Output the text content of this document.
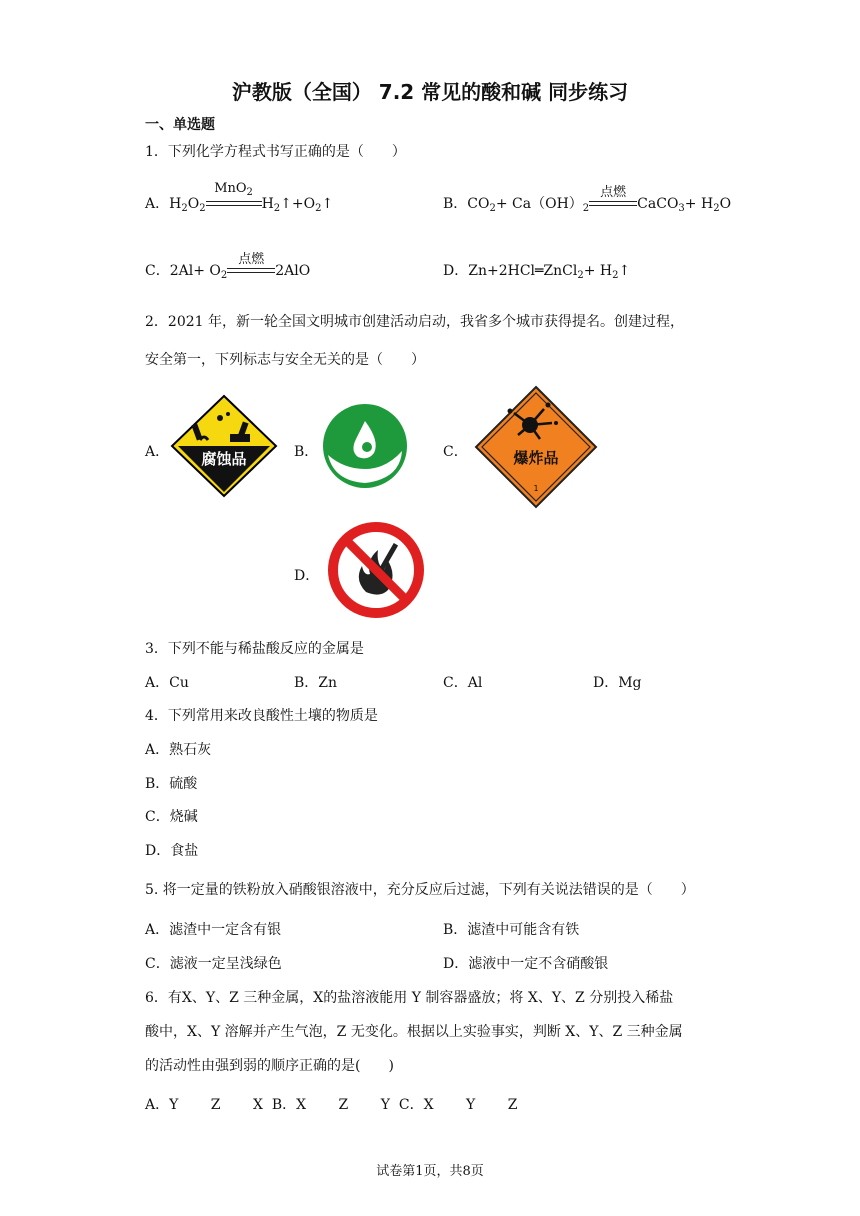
沪教版（全国） 7.2 常见的酸和碱 同步练习
一、单选题
1．下列化学方程式书写正确的是（　　）
A．$H_2O_2$
MnO$_2$
$H_2↑+O_2↑$	B．$CO_2+ Ca(OH)_2$
点燃
CaCO$_3$+ $H_2O$
C．$2Al+ O_2$
点燃
2AlO	D．Zn+2HCl═ZnCl$_2$+ $H_2↑$
2．2021 年，新一轮全国文明城市创建活动启动，我省多个城市获得提名。创建过程，
安全第一，下列标志与安全无关的是（　　）
A． 腐蚀品	B．	C．	爆炸品
1
D．
3．下列不能与稀盐酸反应的金属是
A．Cu	B．Zn	C．Al	D．Mg
4．下列常用来改良酸性土壤的物质是
A．熟石灰
B．硫酸
C．烧碱
D．食盐
5. 将一定量的铁粉放入硝酸银溶液中，充分反应后过滤，下列有关说法错误的是（　　）
A．滤渣中一定含有银	B．滤渣中可能含有铁
C．滤液一定呈浅绿色	D．滤液中一定不含硝酸银
6．有X、Y、Z 三种金属，X的盐溶液能用 Y 制容器盛放；将 X、Y、Z 分别投入稀盐
酸中，X、Y 溶解并产生气泡，Z 无变化。根据以上实验事实，判断 X、Y、Z 三种金属
的活动性由强到弱的顺序正确的是(　　)
A．Y　　 Z　　 X  B．X　　 Z　　 Y  C．X　　 Y　　 Z
试卷第1页，共8页
